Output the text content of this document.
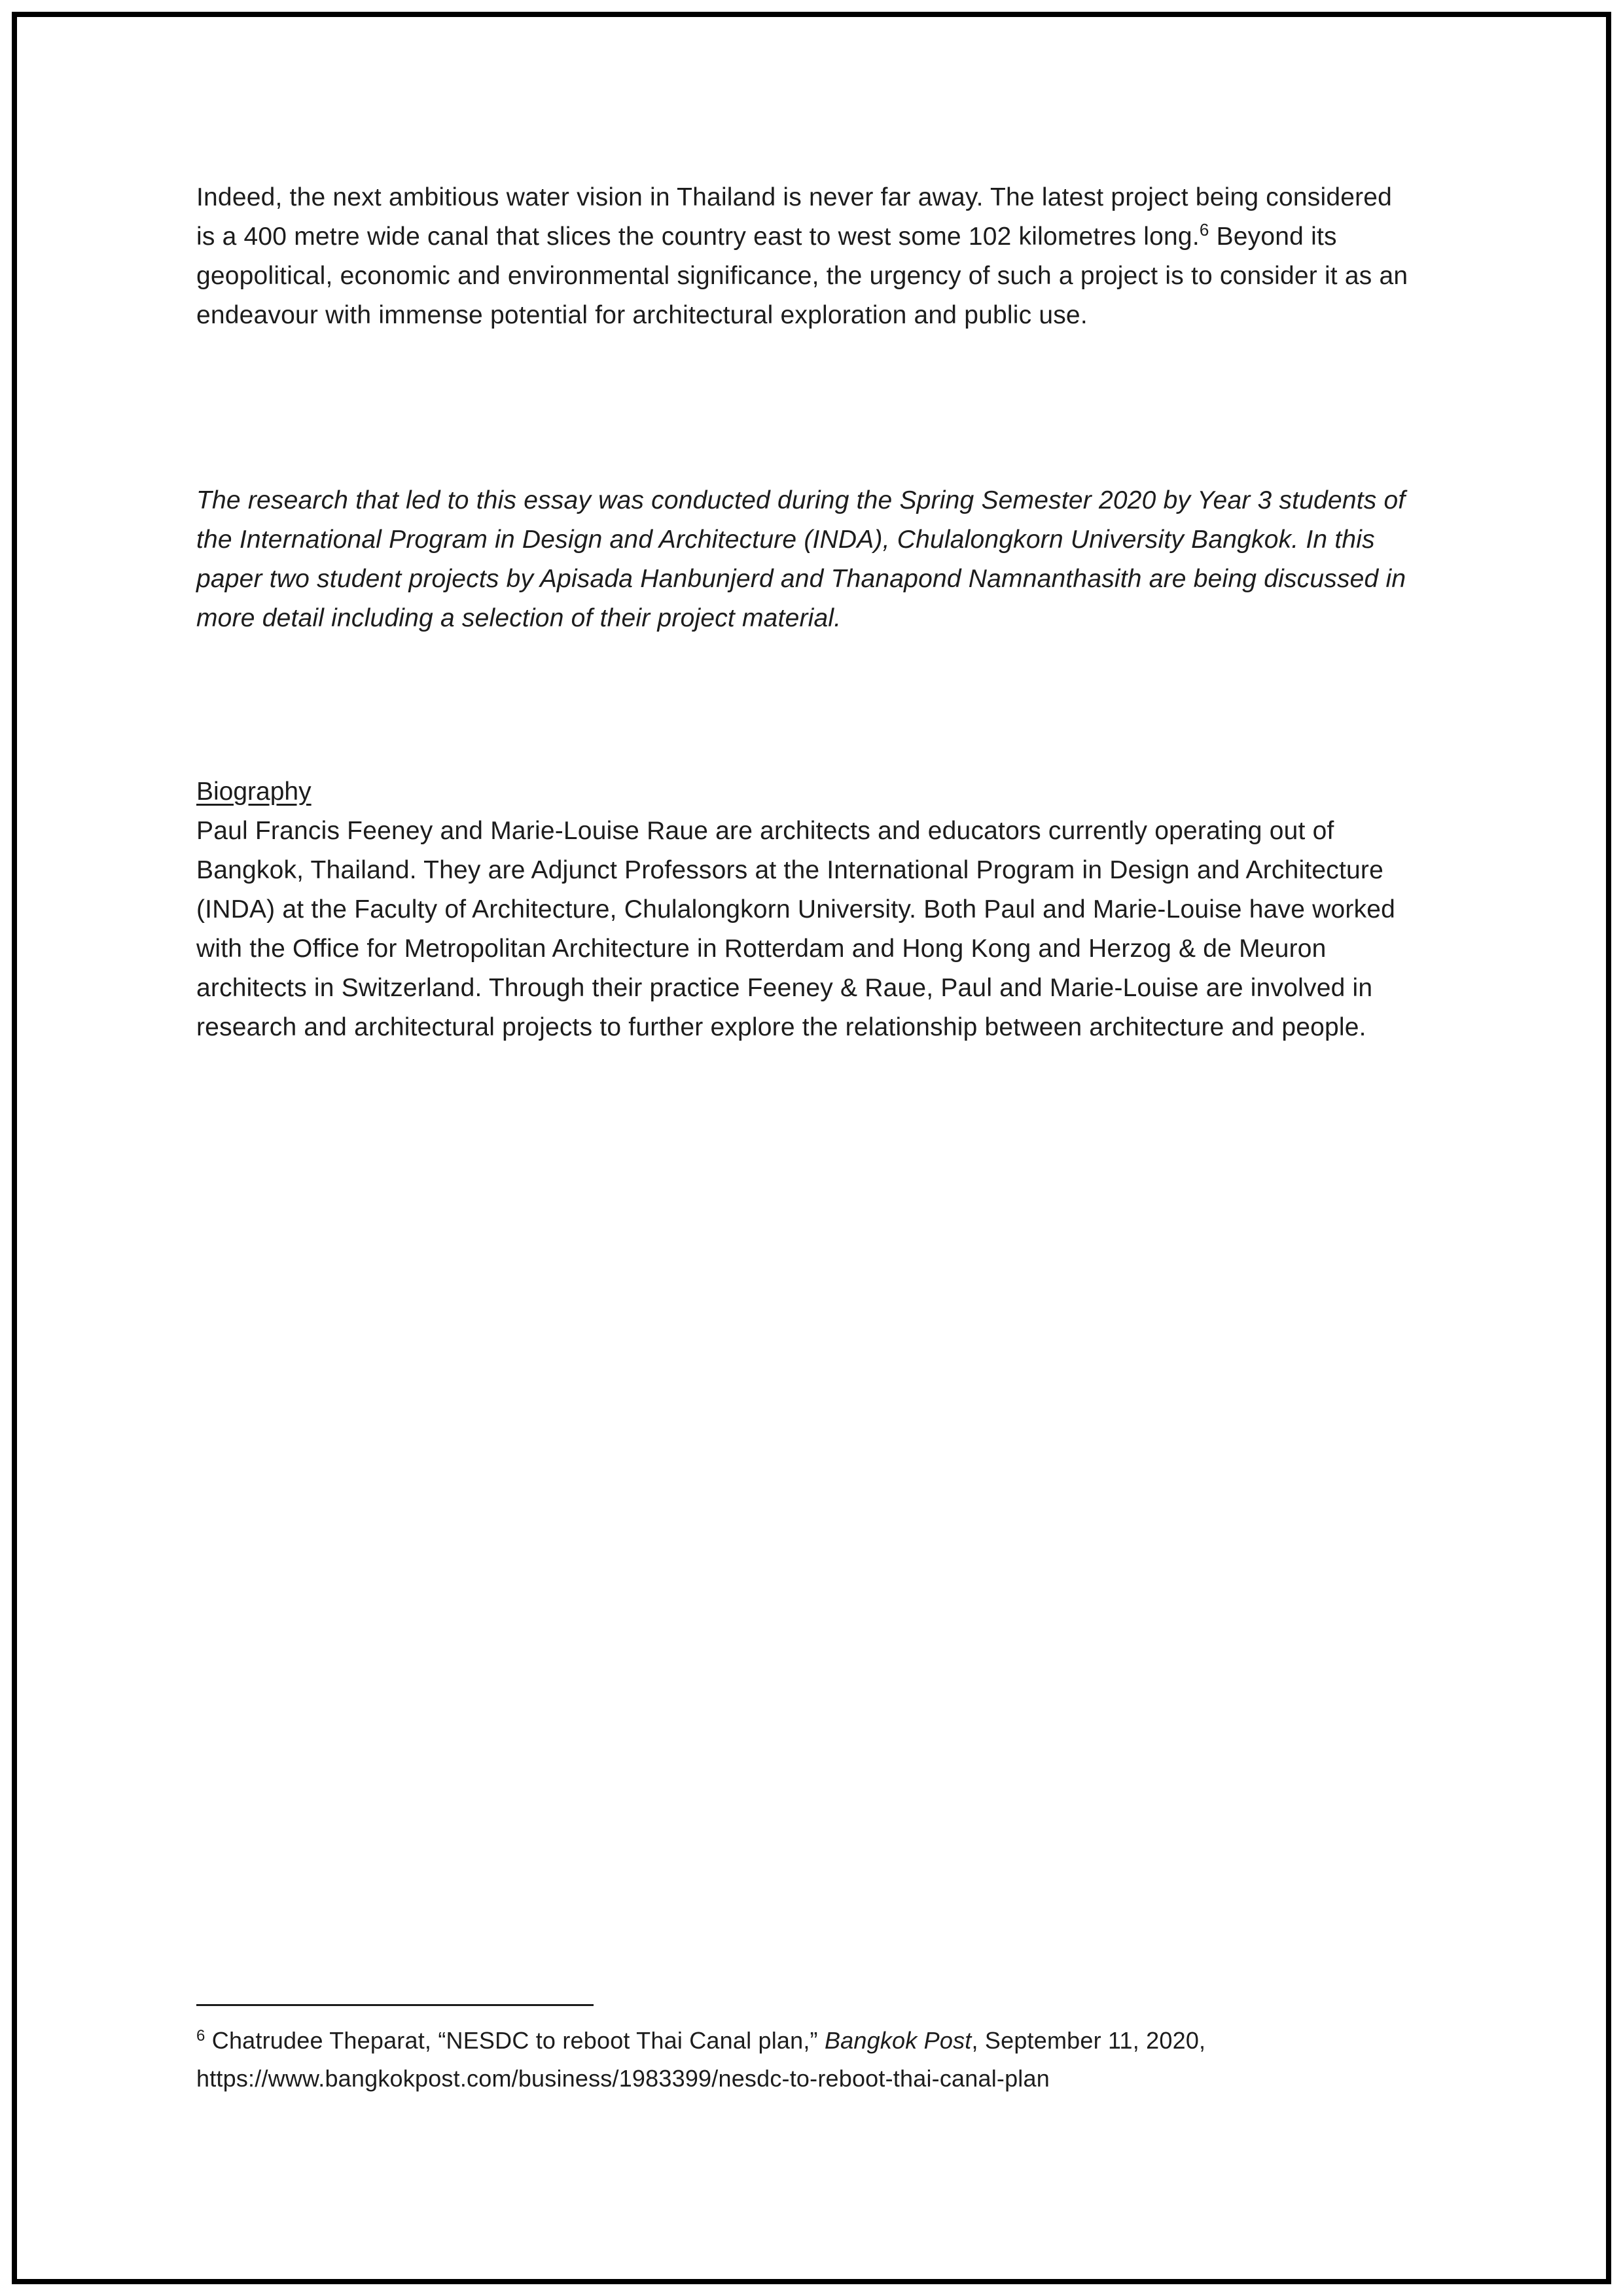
Indeed, the next ambitious water vision in Thailand is never far away. The latest project being considered is a 400 metre wide canal that slices the country east to west some 102 kilometres long.$^6$ Beyond its geopolitical, economic and environmental significance, the urgency of such a project is to consider it as an endeavour with immense potential for architectural exploration and public use.

The research that led to this essay was conducted during the Spring Semester 2020 by Year 3 students of the International Program in Design and Architecture (INDA), Chulalongkorn University Bangkok. In this paper two student projects by Apisada Hanbunjerd and Thanapond Namnanthasith are being discussed in more detail including a selection of their project material.

Biography

Paul Francis Feeney and Marie-Louise Raue are architects and educators currently operating out of Bangkok, Thailand. They are Adjunct Professors at the International Program in Design and Architecture (INDA) at the Faculty of Architecture, Chulalongkorn University. Both Paul and Marie-Louise have worked with the Office for Metropolitan Architecture in Rotterdam and Hong Kong and Herzog & de Meuron architects in Switzerland. Through their practice Feeney & Raue, Paul and Marie-Louise are involved in research and architectural projects to further explore the relationship between architecture and people.

$^6$ Chatrudee Theparat, “NESDC to reboot Thai Canal plan,” Bangkok Post, September 11, 2020, https://www.bangkokpost.com/business/1983399/nesdc-to-reboot-thai-canal-plan
